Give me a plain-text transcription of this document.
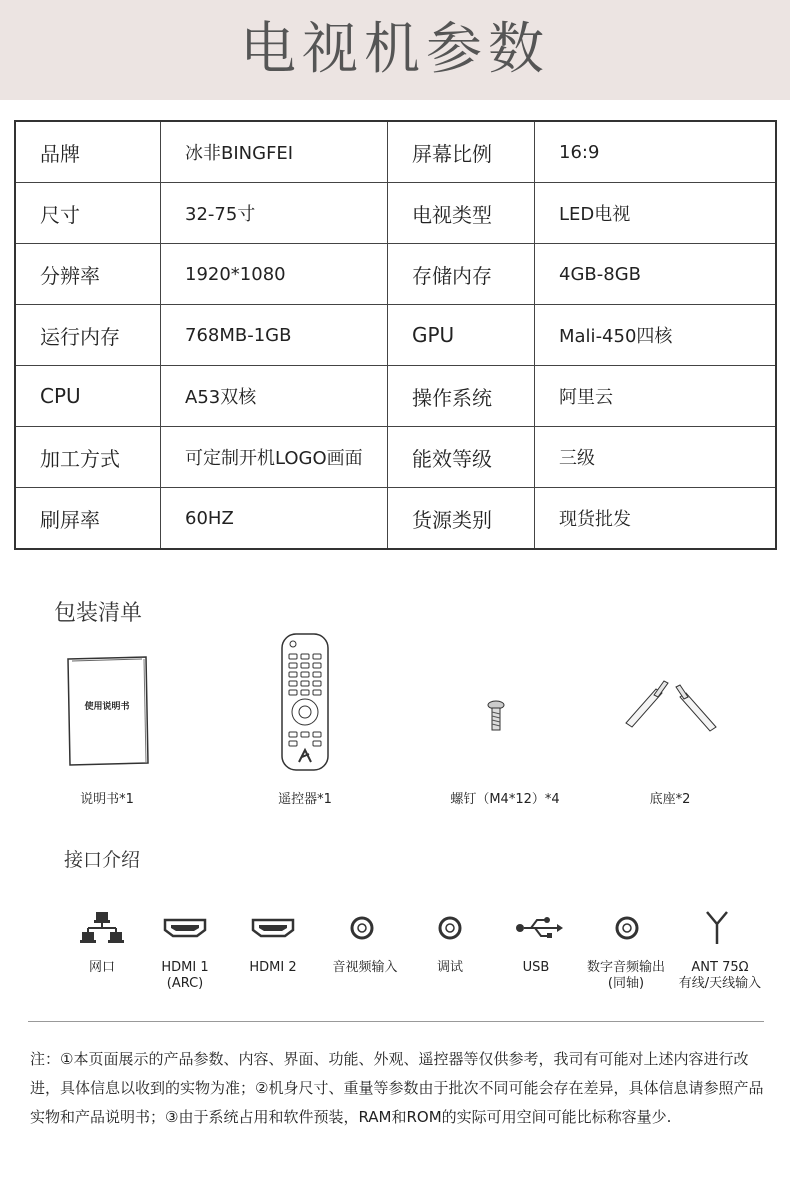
电视机参数
品牌	冰非BINGFEI	屏幕比例	16:9
尺寸	32-75寸	电视类型	LED电视
分辨率	1920*1080	存储内存	4GB-8GB
运行内存	768MB-1GB	GPU	Mali-450四核
CPU	A53双核	操作系统	阿里云
加工方式	可定制开机LOGO画面	能效等级	三级
刷屏率	60HZ	货源类别	现货批发
包装清单
使用说明书
说明书*1	遥控器*1	螺钉（M4*12）*4	底座*2
接口介绍
网口	HDMI 1
(ARC)
HDMI 2	音视频输入	调试	USB	数字音频输出
(同轴)
ANT 75Ω
有线/天线输入
注：①本页面展示的产品参数、内容、界面、功能、外观、遥控器等仅供参考，我司有可能对上述内容进行改进，具体信息以收到的实物为准；②机身尺寸、重量等参数由于批次不同可能会存在差异，具体信息请参照产品实物和产品说明书；③由于系统占用和软件预装，RAM和ROM的实际可用空间可能比标称容量少.
